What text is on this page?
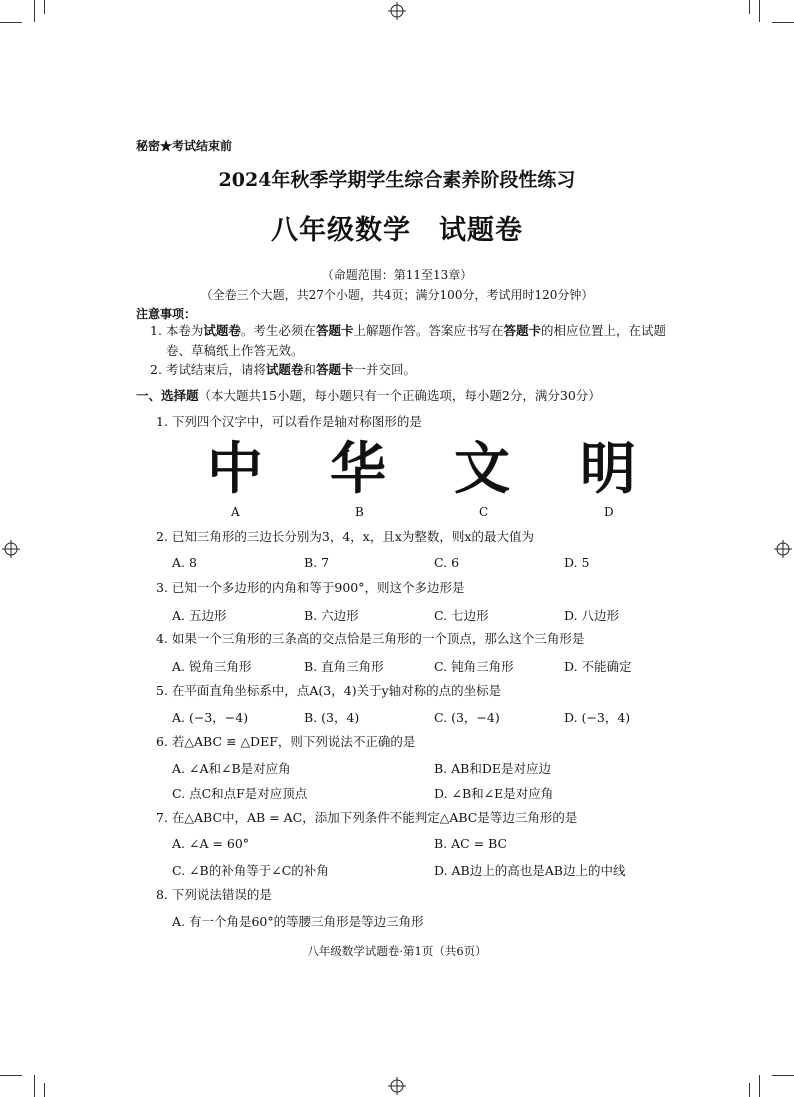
秘密★考试结束前
2024年秋季学期学生综合素养阶段性练习
八年级数学　试题卷
（命题范围：第11至13章）
（全卷三个大题，共27个小题，共4页；满分100分，考试用时120分钟）
注意事项：
1. 本卷为试题卷。考生必须在答题卡上解题作答。答案应书写在答题卡的相应位置上，在试题
卷、草稿纸上作答无效。
2. 考试结束后，请将试题卷和答题卡一并交回。
一、选择题（本大题共15小题，每小题只有一个正确选项，每小题2分，满分30分）
1. 下列四个汉字中，可以看作是轴对称图形的是
中 华 文 明
A	B	C	D
2. 已知三角形的三边长分别为3，4，x，且x为整数，则x的最大值为
A. 8	B. 7	C. 6	D. 5
3. 已知一个多边形的内角和等于900°，则这个多边形是
A. 五边形	B. 六边形	C. 七边形	D. 八边形
4. 如果一个三角形的三条高的交点恰是三角形的一个顶点，那么这个三角形是
A. 锐角三角形	B. 直角三角形	C. 钝角三角形	D. 不能确定
5. 在平面直角坐标系中，点A(3，4)关于y轴对称的点的坐标是
A. (−3，−4)	B. (3，4)	C. (3，−4)	D. (−3，4)
6. 若△ABC ≌ △DEF，则下列说法不正确的是
A. ∠A和∠B是对应角	B. AB和DE是对应边
C. 点C和点F是对应顶点	D. ∠B和∠E是对应角
7. 在△ABC中，AB = AC，添加下列条件不能判定△ABC是等边三角形的是
A. ∠A = 60°	B. AC = BC
C. ∠B的补角等于∠C的补角	D. AB边上的高也是AB边上的中线
8. 下列说法错误的是
A. 有一个角是60°的等腰三角形是等边三角形
八年级数学试题卷·第1页（共6页）
